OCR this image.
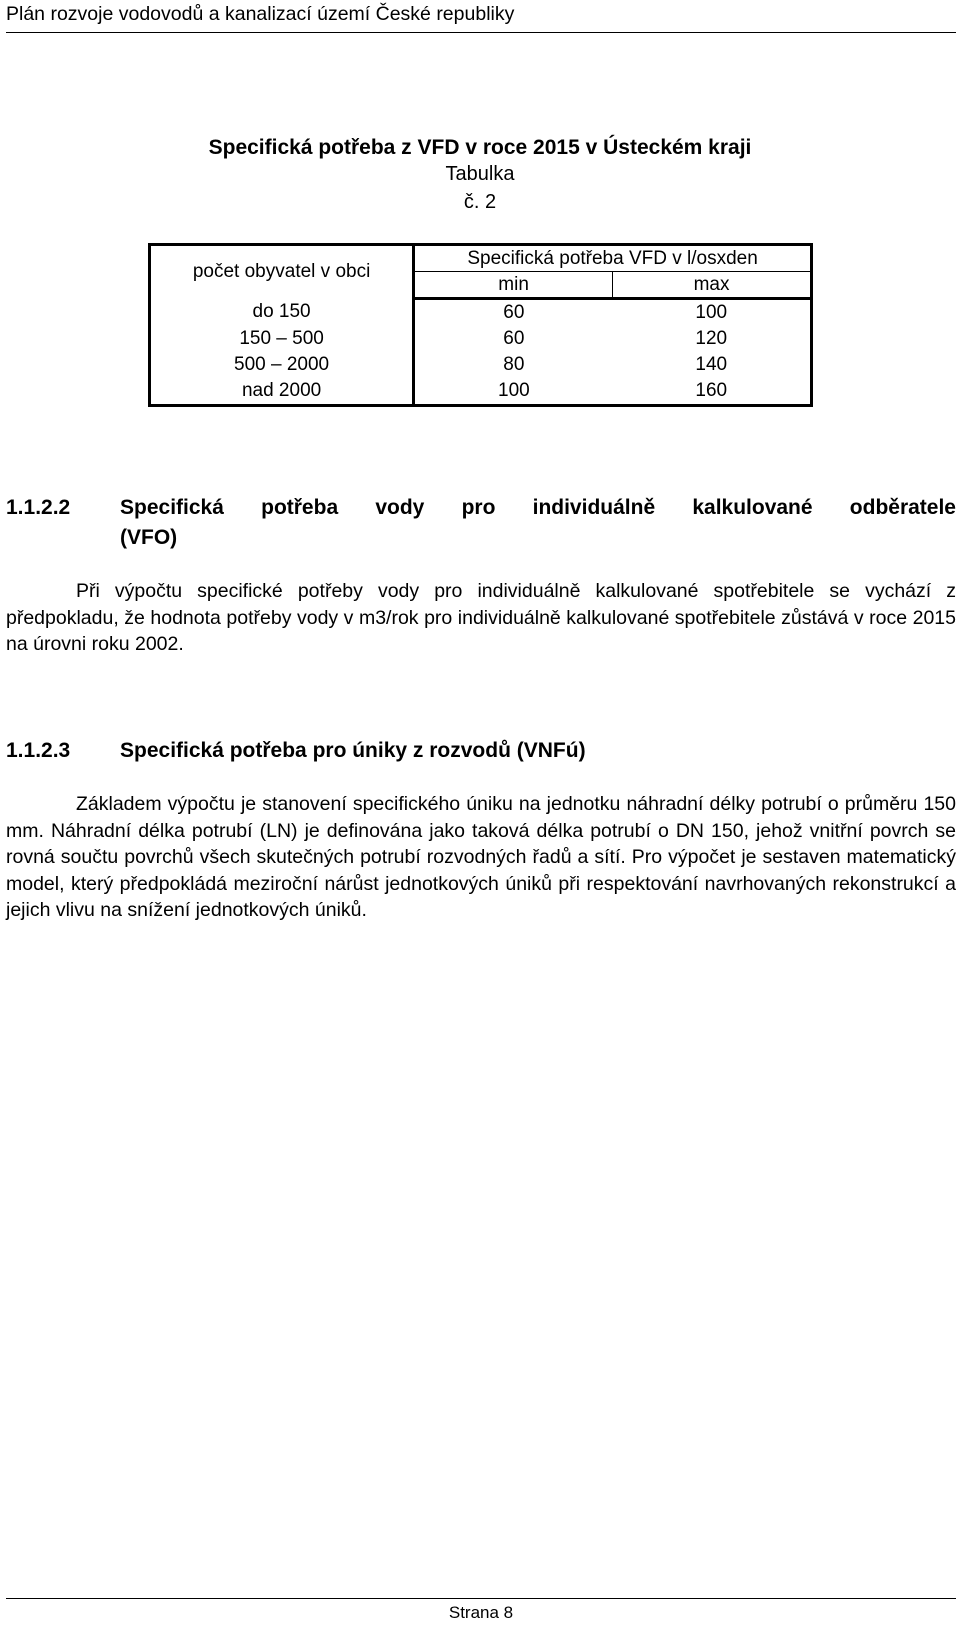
Plán rozvoje vodovodů a kanalizací území České republiky
Specifická potřeba z VFD v roce 2015 v Ústeckém kraji
Tabulka
č. 2
počet obyvatel v obci	Specifická potřeba VFD v l/osxden	
	min	max
do 150	60	100
150 – 500	60	120
500 – 2000	80	140
nad 2000	100	160
1.1.2.2 Specifická potřeba vody pro individuálně kalkulované odběratele
(VFO)
Při výpočtu specifické potřeby vody pro individuálně kalkulované spotřebitele se vychází z předpokladu, že hodnota potřeby vody v m3/rok pro individuálně kalkulované spotřebitele zůstává v roce 2015 na úrovni roku 2002.
1.1.2.3 Specifická potřeba pro úniky z rozvodů (VNFú)
Základem výpočtu je stanovení specifického úniku na jednotku náhradní délky potrubí o průměru 150 mm. Náhradní délka potrubí (LN) je definována jako taková délka potrubí o DN 150, jehož vnitřní povrch se rovná součtu povrchů všech skutečných potrubí rozvodných řadů a sítí. Pro výpočet je sestaven matematický model, který předpokládá meziroční nárůst jednotkových úniků při respektování navrhovaných rekonstrukcí a jejich vlivu na snížení jednotkových úniků.
Strana 8
